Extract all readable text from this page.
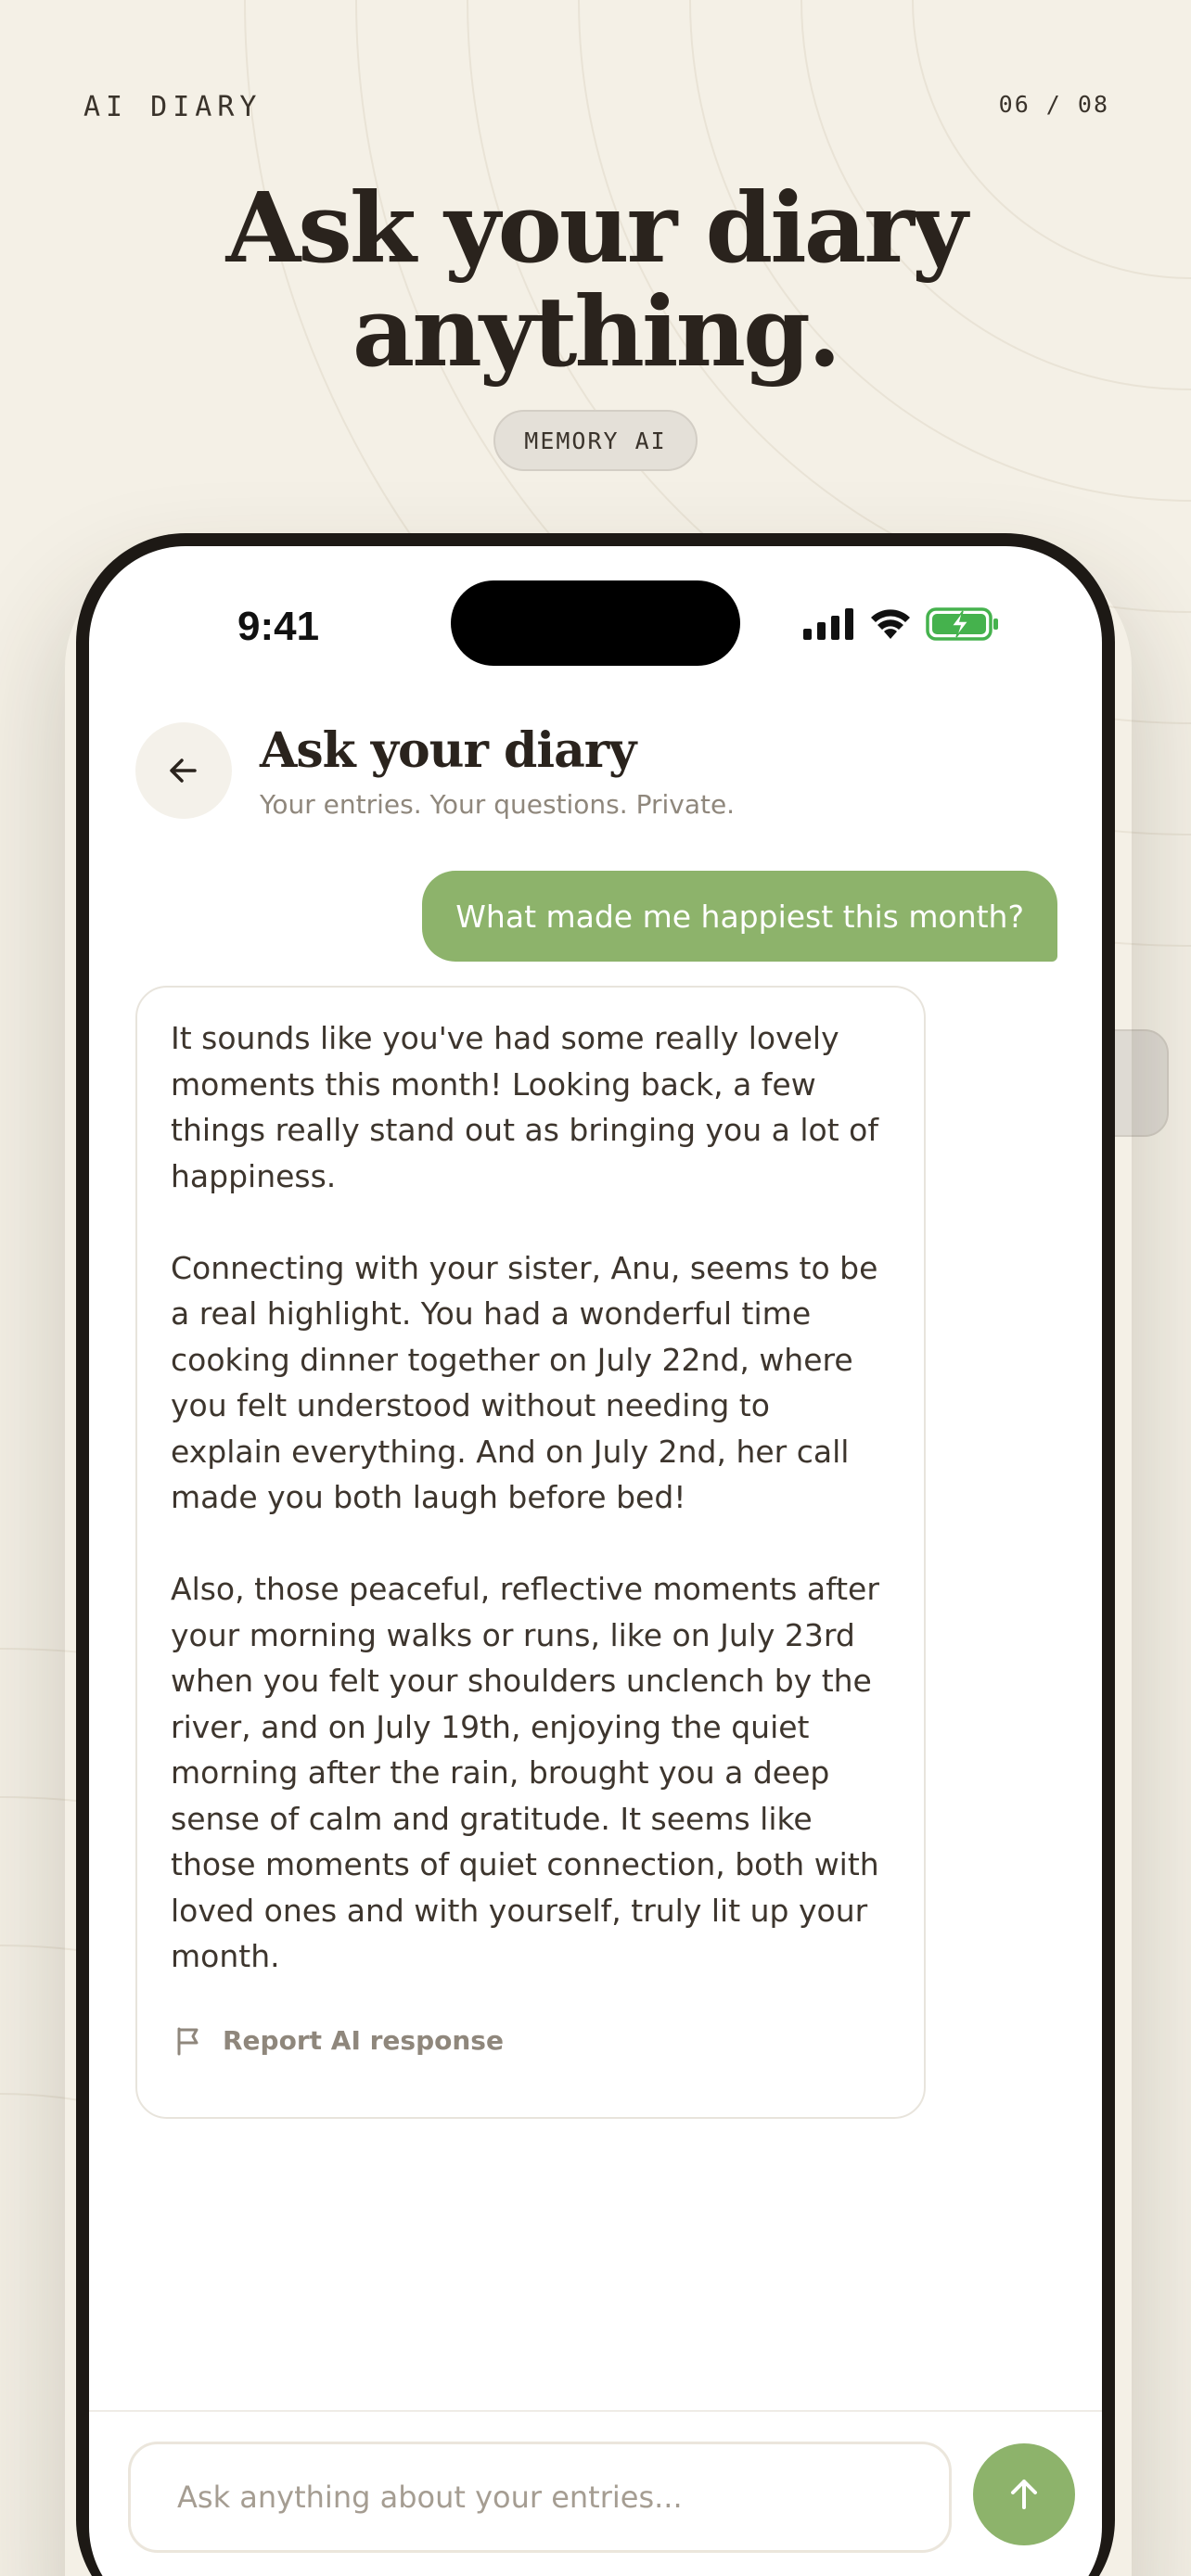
AI DIARY	06 / 08
Ask your diary
anything.
MEMORY AI
9:41
Ask your diary
Your entries. Your questions. Private.
What made me happiest this month?

It sounds like you've had some really lovely moments this month! Looking back, a few things really stand out as bringing you a lot of happiness.

Connecting with your sister, Anu, seems to be a real highlight. You had a wonderful time cooking dinner together on July 22nd, where you felt understood without needing to explain everything. And on July 2nd, her call made you both laugh before bed!

Also, those peaceful, reflective moments after your morning walks or runs, like on July 23rd when you felt your shoulders unclench by the river, and on July 19th, enjoying the quiet morning after the rain, brought you a deep sense of calm and gratitude. It seems like those moments of quiet connection, both with loved ones and with yourself, truly lit up your month.

Report AI response
Ask anything about your entries...
